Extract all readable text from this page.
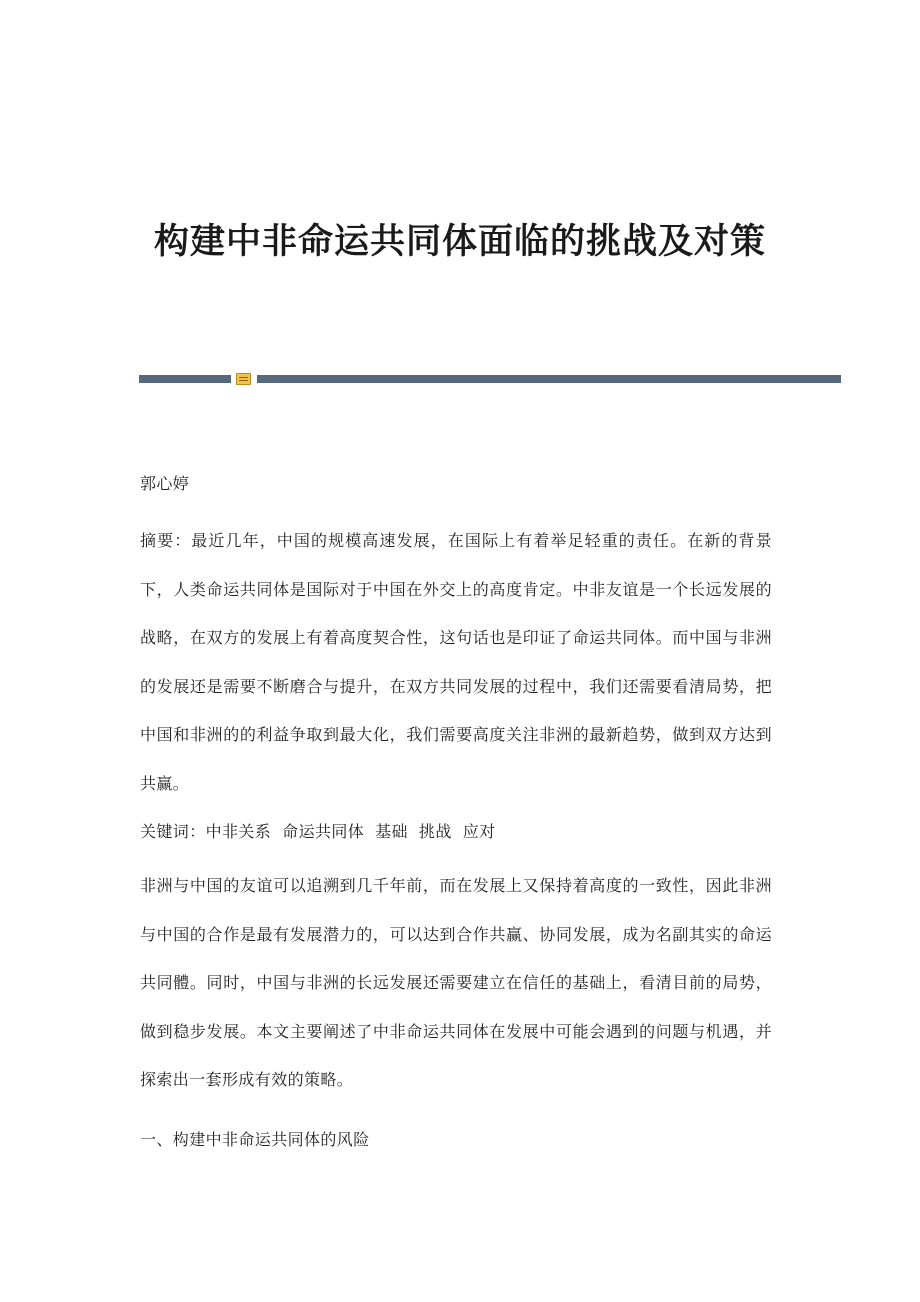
构建中非命运共同体面临的挑战及对策

郭心婷

摘要：最近几年，中国的规模高速发展，在国际上有着举足轻重的责任。在新的背景下，人类命运共同体是国际对于中国在外交上的高度肯定。中非友谊是一个长远发展的战略，在双方的发展上有着高度契合性，这句话也是印证了命运共同体。而中国与非洲的发展还是需要不断磨合与提升，在双方共同发展的过程中，我们还需要看清局势，把中国和非洲的的利益争取到最大化，我们需要高度关注非洲的最新趋势，做到双方达到共赢。

关键词：中非关系  命运共同体  基础  挑战  应对

非洲与中国的友谊可以追溯到几千年前，而在发展上又保持着高度的一致性，因此非洲与中国的合作是最有发展潜力的，可以达到合作共赢、协同发展，成为名副其实的命运共同體。同时，中国与非洲的长远发展还需要建立在信任的基础上，看清目前的局势，做到稳步发展。本文主要阐述了中非命运共同体在发展中可能会遇到的问题与机遇，并探索出一套形成有效的策略。

一、构建中非命运共同体的风险
